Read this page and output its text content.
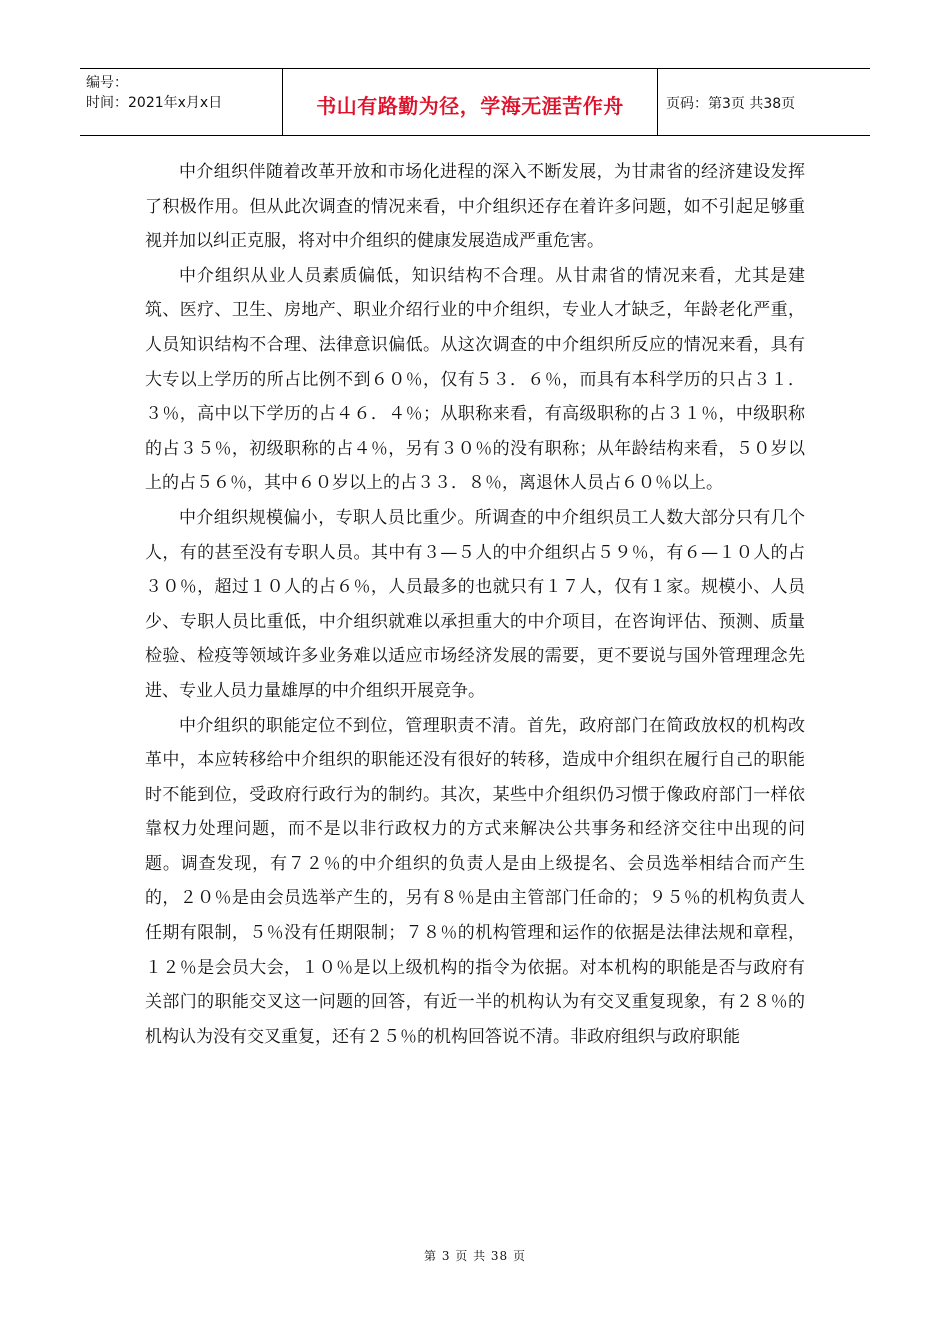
编号：
时间：2021年x月x日	书山有路勤为径，学海无涯苦作舟	页码：第3页 共38页

中介组织伴随着改革开放和市场化进程的深入不断发展，为甘肃省的经济建设发挥了积极作用。但从此次调查的情况来看，中介组织还存在着许多问题，如不引起足够重视并加以纠正克服，将对中介组织的健康发展造成严重危害。

中介组织从业人员素质偏低，知识结构不合理。从甘肃省的情况来看，尤其是建筑、医疗、卫生、房地产、职业介绍行业的中介组织，专业人才缺乏，年龄老化严重，人员知识结构不合理、法律意识偏低。从这次调查的中介组织所反应的情况来看，具有大专以上学历的所占比例不到６０％，仅有５３．６％，而具有本科学历的只占３１．３％，高中以下学历的占４６．４％；从职称来看，有高级职称的占３１％，中级职称的占３５％，初级职称的占４％，另有３０％的没有职称；从年龄结构来看，５０岁以上的占５６％，其中６０岁以上的占３３．８％，离退休人员占６０％以上。

中介组织规模偏小，专职人员比重少。所调查的中介组织员工人数大部分只有几个人，有的甚至没有专职人员。其中有３—５人的中介组织占５９％，有６—１０人的占３０％，超过１０人的占６％，人员最多的也就只有１７人，仅有１家。规模小、人员少、专职人员比重低，中介组织就难以承担重大的中介项目，在咨询评估、预测、质量检验、检疫等领域许多业务难以适应市场经济发展的需要，更不要说与国外管理理念先进、专业人员力量雄厚的中介组织开展竞争。

中介组织的职能定位不到位，管理职责不清。首先，政府部门在简政放权的机构改革中，本应转移给中介组织的职能还没有很好的转移，造成中介组织在履行自己的职能时不能到位，受政府行政行为的制约。其次，某些中介组织仍习惯于像政府部门一样依靠权力处理问题，而不是以非行政权力的方式来解决公共事务和经济交往中出现的问题。调查发现，有７２％的中介组织的负责人是由上级提名、会员选举相结合而产生的，２０％是由会员选举产生的，另有８％是由主管部门任命的；９５％的机构负责人任期有限制，５％没有任期限制；７８％的机构管理和运作的依据是法律法规和章程，１２％是会员大会，１０％是以上级机构的指令为依据。对本机构的职能是否与政府有关部门的职能交叉这一问题的回答，有近一半的机构认为有交叉重复现象，有２８％的机构认为没有交叉重复，还有２５％的机构回答说不清。非政府组织与政府职能

第 3 页 共 38 页
